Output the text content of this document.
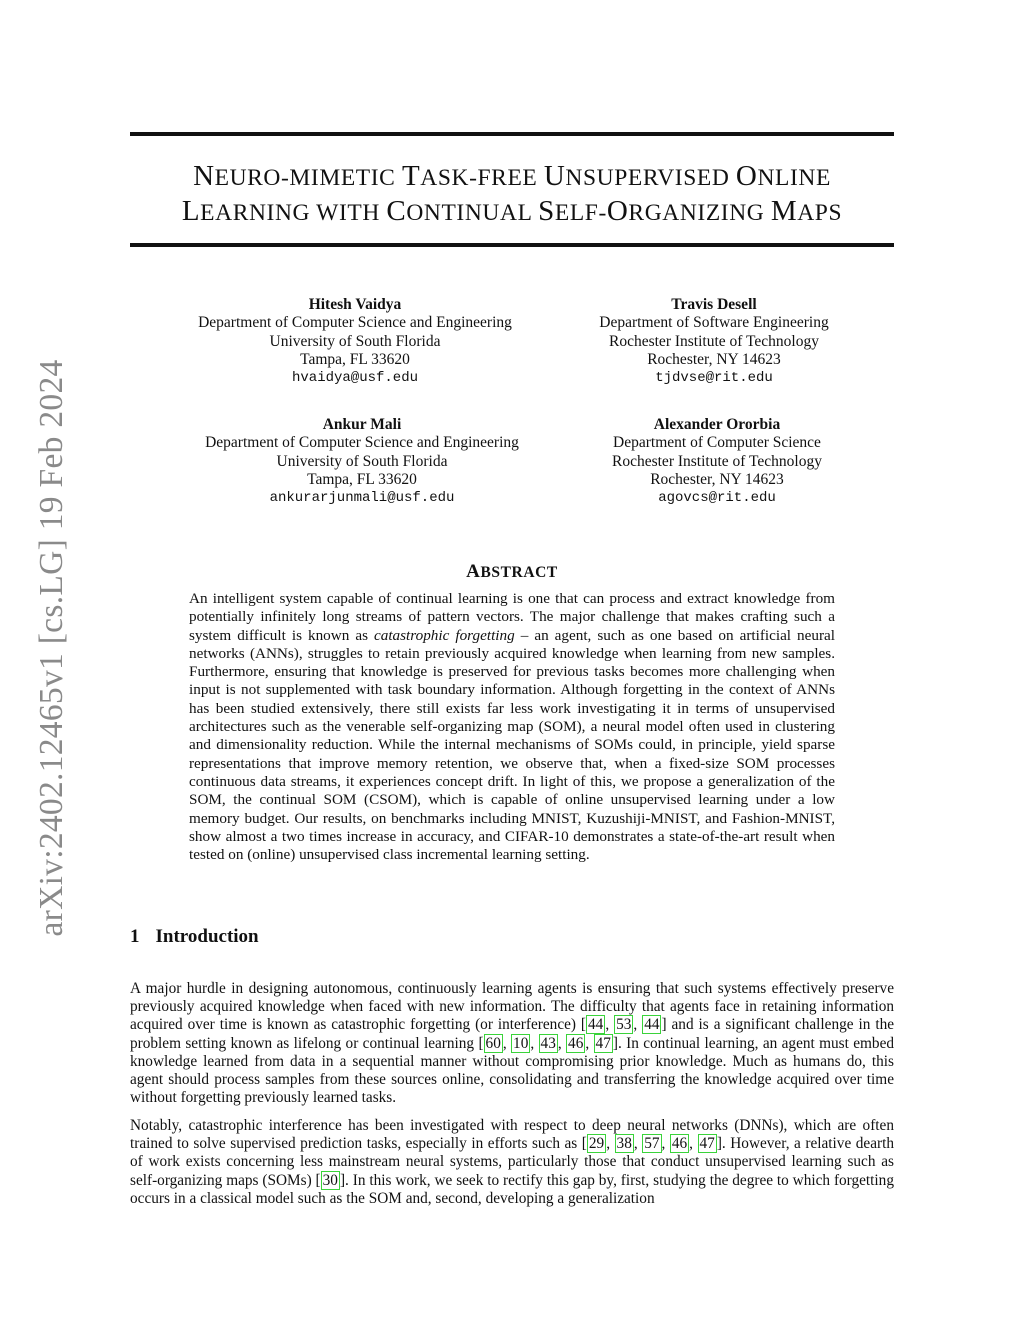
arXiv:2402.12465v1 [cs.LG] 19 Feb 2024
NEURO-MIMETIC TASK-FREE UNSUPERVISED ONLINE
LEARNING WITH CONTINUAL SELF-ORGANIZING MAPS
Hitesh Vaidya
Department of Computer Science and Engineering
University of South Florida
Tampa, FL 33620
hvaidya@usf.edu
Travis Desell
Department of Software Engineering
Rochester Institute of Technology
Rochester, NY 14623
tjdvse@rit.edu
Ankur Mali
Department of Computer Science and Engineering
University of South Florida
Tampa, FL 33620
ankurarjunmali@usf.edu
Alexander Ororbia
Department of Computer Science
Rochester Institute of Technology
Rochester, NY 14623
agovcs@rit.edu
ABSTRACT
An intelligent system capable of continual learning is one that can process and extract knowledge from potentially infinitely long streams of pattern vectors. The major challenge that makes crafting such a system difficult is known as catastrophic forgetting – an agent, such as one based on artificial neural networks (ANNs), struggles to retain previously acquired knowledge when learning from new samples. Furthermore, ensuring that knowledge is preserved for previous tasks becomes more challenging when input is not supplemented with task boundary information. Although forgetting in the context of ANNs has been studied extensively, there still exists far less work investigating it in terms of unsupervised architectures such as the venerable self-organizing map (SOM), a neural model often used in clustering and dimensionality reduction. While the internal mechanisms of SOMs could, in principle, yield sparse representations that improve memory retention, we observe that, when a fixed-size SOM processes continuous data streams, it experiences concept drift. In light of this, we propose a generalization of the SOM, the continual SOM (CSOM), which is capable of online unsupervised learning under a low memory budget. Our results, on benchmarks including MNIST, Kuzushiji-MNIST, and Fashion-MNIST, show almost a two times increase in accuracy, and CIFAR-10 demonstrates a state-of-the-art result when tested on (online) unsupervised class incremental learning setting.
1 Introduction

A major hurdle in designing autonomous, continuously learning agents is ensuring that such systems effectively preserve previously acquired knowledge when faced with new information. The difficulty that agents face in retaining information acquired over time is known as catastrophic forgetting (or interference) [ 44 , 53 , 44 ] and is a significant challenge in the problem setting known as lifelong or continual learning [ 60 , 10 , 43 , 46 , 47 ]. In continual learning, an agent must embed knowledge learned from data in a sequential manner without compromising prior knowledge. Much as humans do, this agent should process samples from these sources online, consolidating and transferring the knowledge acquired over time without forgetting previously learned tasks.

Notably, catastrophic interference has been investigated with respect to deep neural networks (DNNs), which are often trained to solve supervised prediction tasks, especially in efforts such as [ 29 , 38 , 57 , 46 , 47 ]. However, a relative dearth of work exists concerning less mainstream neural systems, particularly those that conduct unsupervised learning such as self-organizing maps (SOMs) [ 30 ]. In this work, we seek to rectify this gap by, first, studying the degree to which forgetting occurs in a classical model such as the SOM and, second, developing a generalization
